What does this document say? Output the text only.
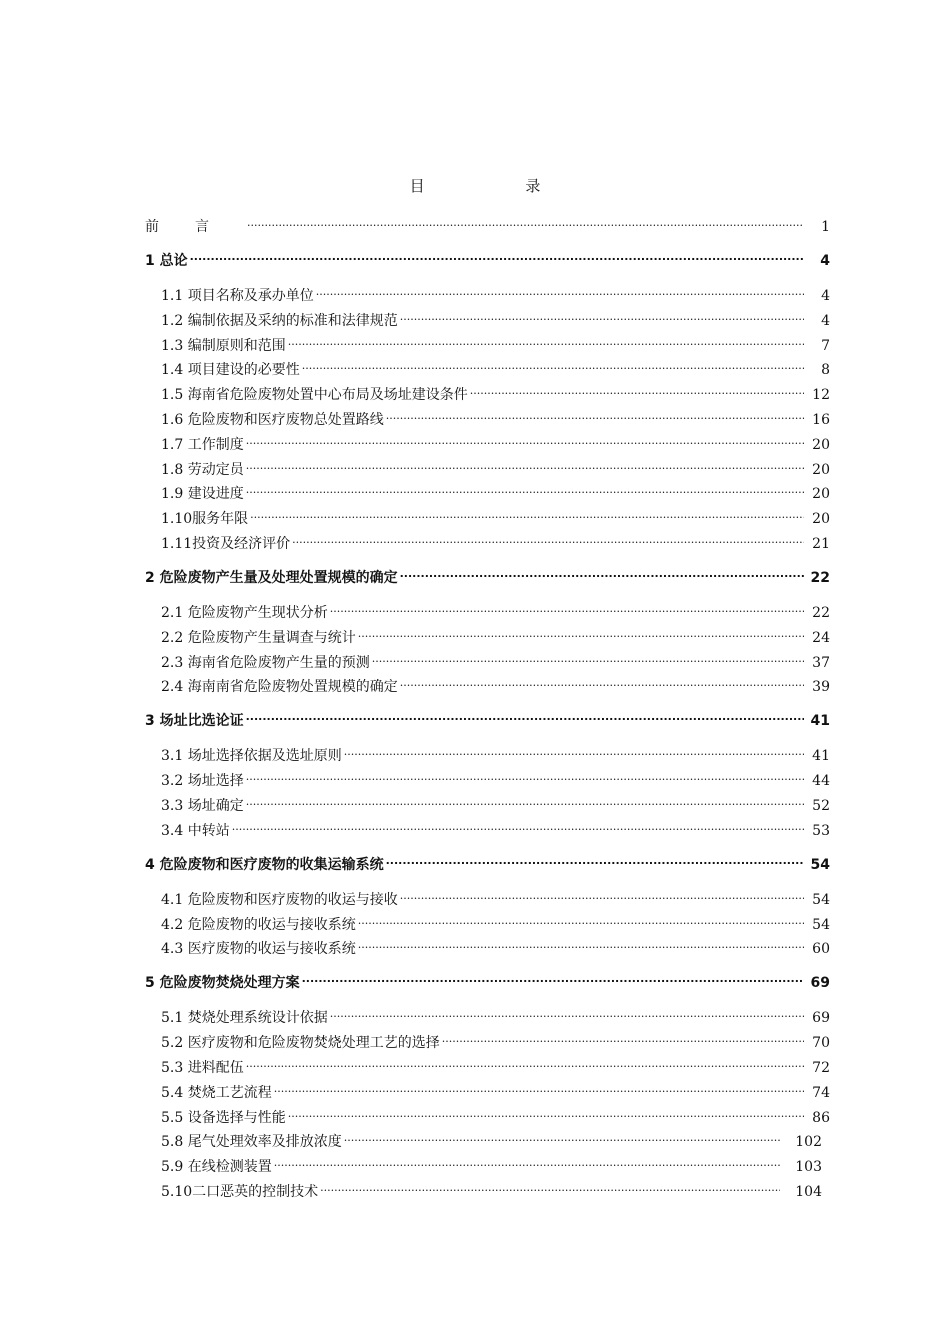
目 录
前言 .....	1
1 总论 .....	4
1.1 项目名称及承办单位 .....	4
1.2 编制依据及采纳的标准和法律规范 .....	4
1.3 编制原则和范围 .....	7
1.4 项目建设的必要性 .....	8
1.5 海南省危险废物处置中心布局及场址建设条件 .....	12
1.6 危险废物和医疗废物总处置路线 .....	16
1.7 工作制度 .....	20
1.8 劳动定员 .....	20
1.9 建设进度 .....	20
1.10服务年限 .....	20
1.11投资及经济评价 .....	21
2 危险废物产生量及处理处置规模的确定 .....	22
2.1 危险废物产生现状分析 .....	22
2.2 危险废物产生量调查与统计 .....	24
2.3 海南省危险废物产生量的预测 .....	37
2.4 海南南省危险废物处置规模的确定 .....	39
3 场址比选论证 .....	41
3.1 场址选择依据及选址原则 .....	41
3.2 场址选择 .....	44
3.3 场址确定 .....	52
3.4 中转站 .....	53
4 危险废物和医疗废物的收集运输系统 .....	54
4.1 危险废物和医疗废物的收运与接收 .....	54
4.2 危险废物的收运与接收系统 .....	54
4.3 医疗废物的收运与接收系统 .....	60
5 危险废物焚烧处理方案 .....	69
5.1 焚烧处理系统设计依据 .....	69
5.2 医疗废物和危险废物焚烧处理工艺的选择 .....	70
5.3 进料配伍 .....	72
5.4 焚烧工艺流程 .....	74
5.5 设备选择与性能 .....	86
5.8 尾气处理效率及排放浓度 .....	102
5.9 在线检测装置 .....	103
5.10二口恶英的控制技术 .....	104
